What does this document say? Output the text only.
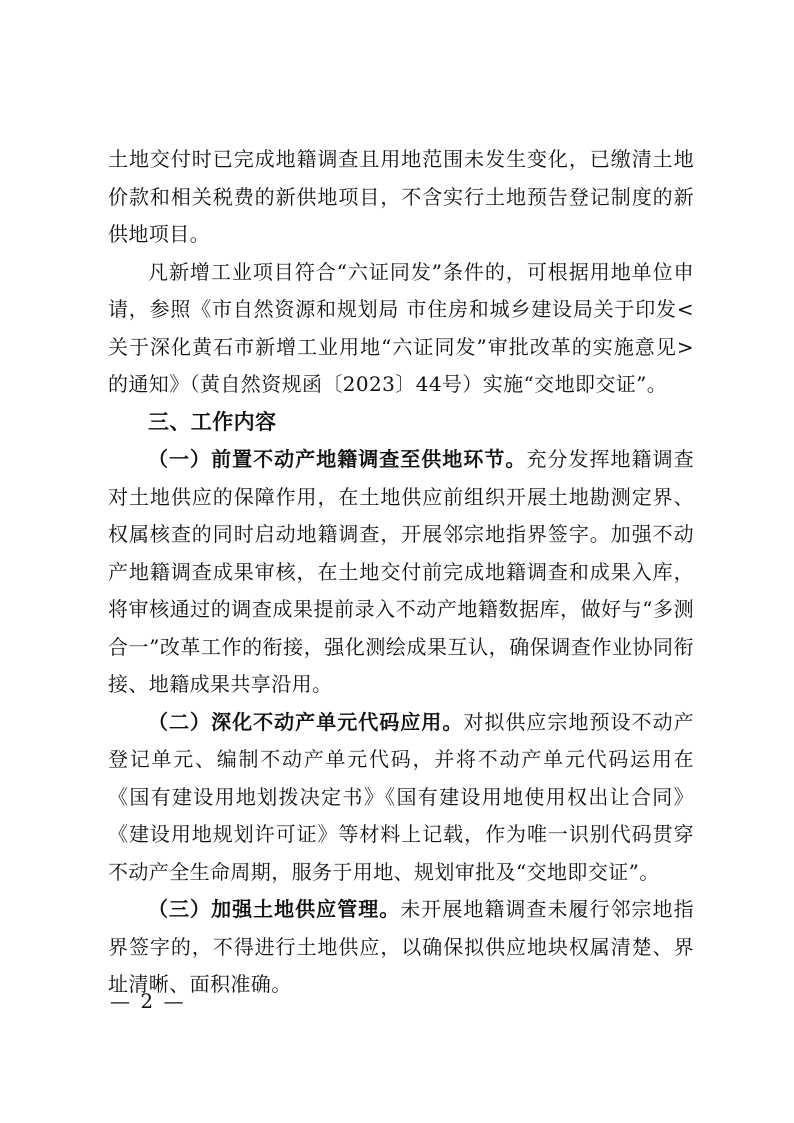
土地交付时已完成地籍调查且用地范围未发生变化，已缴清土地价款和相关税费的新供地项目，不含实行土地预告登记制度的新供地项目。

凡新增工业项目符合“六证同发”条件的，可根据用地单位申请，参照《市自然资源和规划局 市住房和城乡建设局关于印发<关于深化黄石市新增工业用地“六证同发”审批改革的实施意见>的通知》（黄自然资规函〔2023〕44号）实施“交地即交证”。

三、工作内容

（一）前置不动产地籍调查至供地环节。充分发挥地籍调查对土地供应的保障作用，在土地供应前组织开展土地勘测定界、权属核查的同时启动地籍调查，开展邻宗地指界签字。加强不动产地籍调查成果审核，在土地交付前完成地籍调查和成果入库，将审核通过的调查成果提前录入不动产地籍数据库，做好与“多测合一”改革工作的衔接，强化测绘成果互认，确保调查作业协同衔接、地籍成果共享沿用。

（二）深化不动产单元代码应用。对拟供应宗地预设不动产登记单元、编制不动产单元代码，并将不动产单元代码运用在《国有建设用地划拨决定书》《国有建设用地使用权出让合同》《建设用地规划许可证》等材料上记载，作为唯一识别代码贯穿不动产全生命周期，服务于用地、规划审批及“交地即交证”。

（三）加强土地供应管理。未开展地籍调查未履行邻宗地指界签字的，不得进行土地供应，以确保拟供应地块权属清楚、界址清晰、面积准确。

— 2 —
